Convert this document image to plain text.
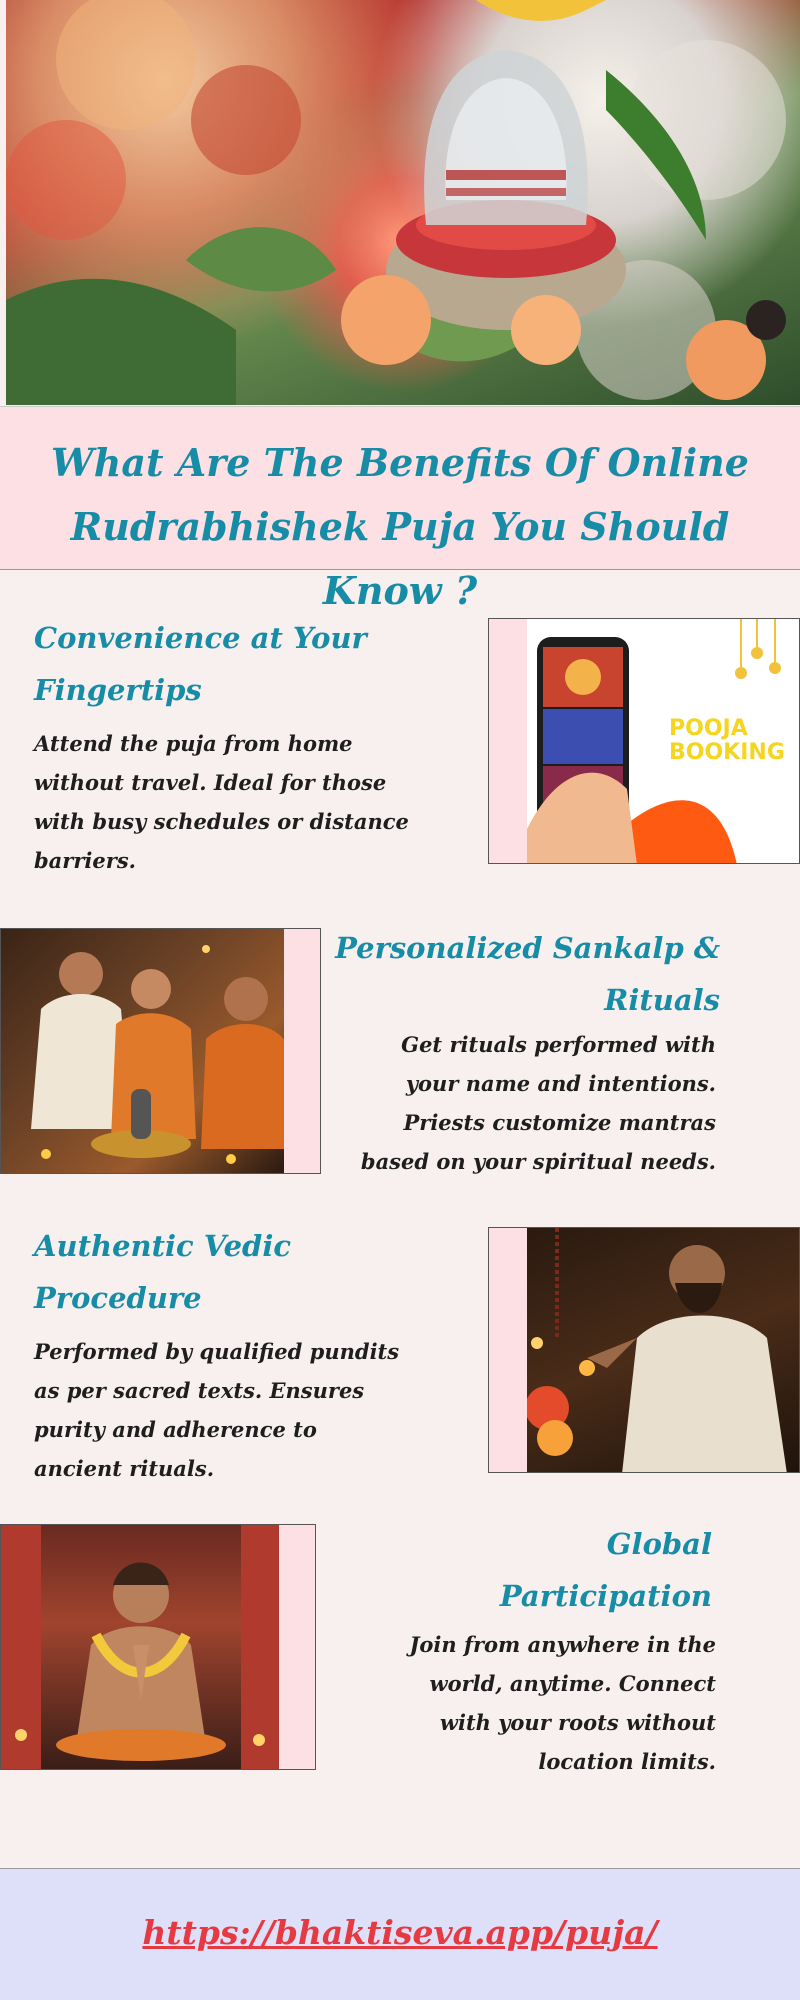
What Are The Benefits Of Online
Rudrabhishek Puja You Should Know ?
Convenience at Your Fingertips

Attend the puja from home without travel. Ideal for those with busy schedules or distance barriers.

POOJA BOOKING
Personalized Sankalp & Rituals

Get rituals performed with your name and intentions. Priests customize mantras based on your spiritual needs.

Authentic Vedic Procedure

Performed by qualified pundits as per sacred texts. Ensures purity and adherence to ancient rituals.

Global Participation

Join from anywhere in the world, anytime. Connect with your roots without location limits.

https://bhaktiseva.app/puja/
